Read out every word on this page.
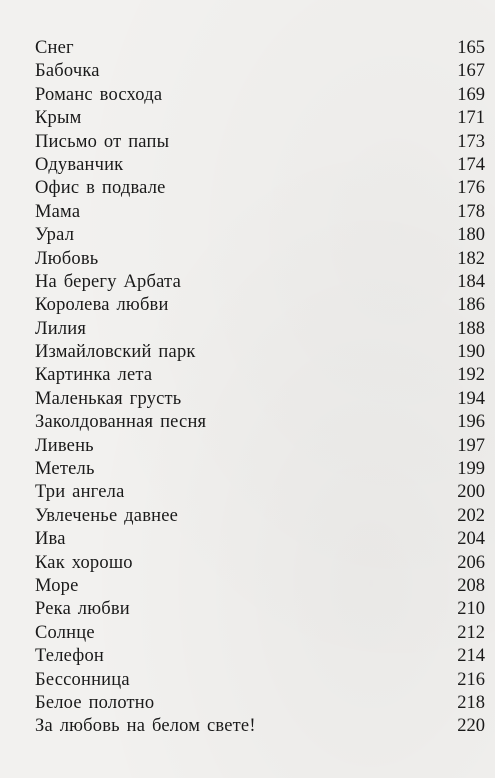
Снег	165
Бабочка	167
Романс восхода	169
Крым	171
Письмо от папы	173
Одуванчик	174
Офис в подвале	176
Мама	178
Урал	180
Любовь	182
На берегу Арбата	184
Королева любви	186
Лилия	188
Измайловский парк	190
Картинка лета	192
Маленькая грусть	194
Заколдованная песня	196
Ливень	197
Метель	199
Три ангела	200
Увлеченье давнее	202
Ива	204
Как хорошо	206
Море	208
Река любви	210
Солнце	212
Телефон	214
Бессонница	216
Белое полотно	218
За любовь на белом свете!	220
